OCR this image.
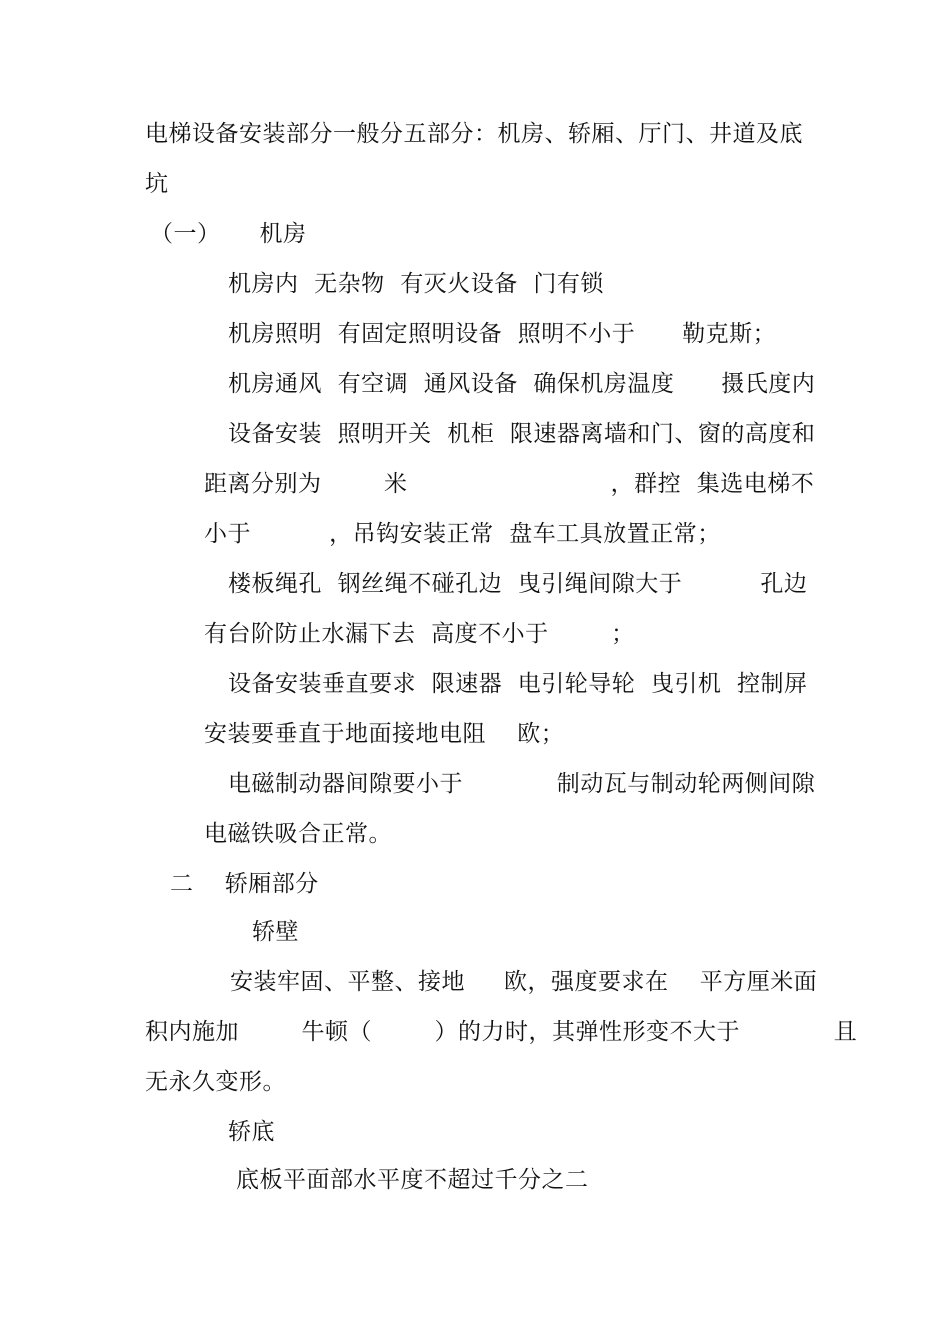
电梯设备安装部分一般分五部分：机房、轿厢、厅门、井道及底
坑
（一）     机房
机房内  无杂物  有灭火设备  门有锁
机房照明  有固定照明设备  照明不小于      勒克斯；
机房通风  有空调  通风设备  确保机房温度      摄氏度内
设备安装  照明开关  机柜  限速器离墙和门、窗的高度和
距离分别为        米                          ，群控  集选电梯不
小于          ，吊钩安装正常  盘车工具放置正常；
楼板绳孔  钢丝绳不碰孔边  曳引绳间隙大于          孔边
有台阶防止水漏下去  高度不小于        ；
设备安装垂直要求  限速器  电引轮导轮  曳引机  控制屏
安装要垂直于地面接地电阻    欧；
电磁制动器间隙要小于            制动瓦与制动轮两侧间隙
电磁铁吸合正常。
二    轿厢部分
轿壁
安装牢固、平整、接地     欧，强度要求在    平方厘米面
积内施加        牛顿（        ）的力时，其弹性形变不大于            且
无永久变形。
轿底
底板平面部水平度不超过千分之二
